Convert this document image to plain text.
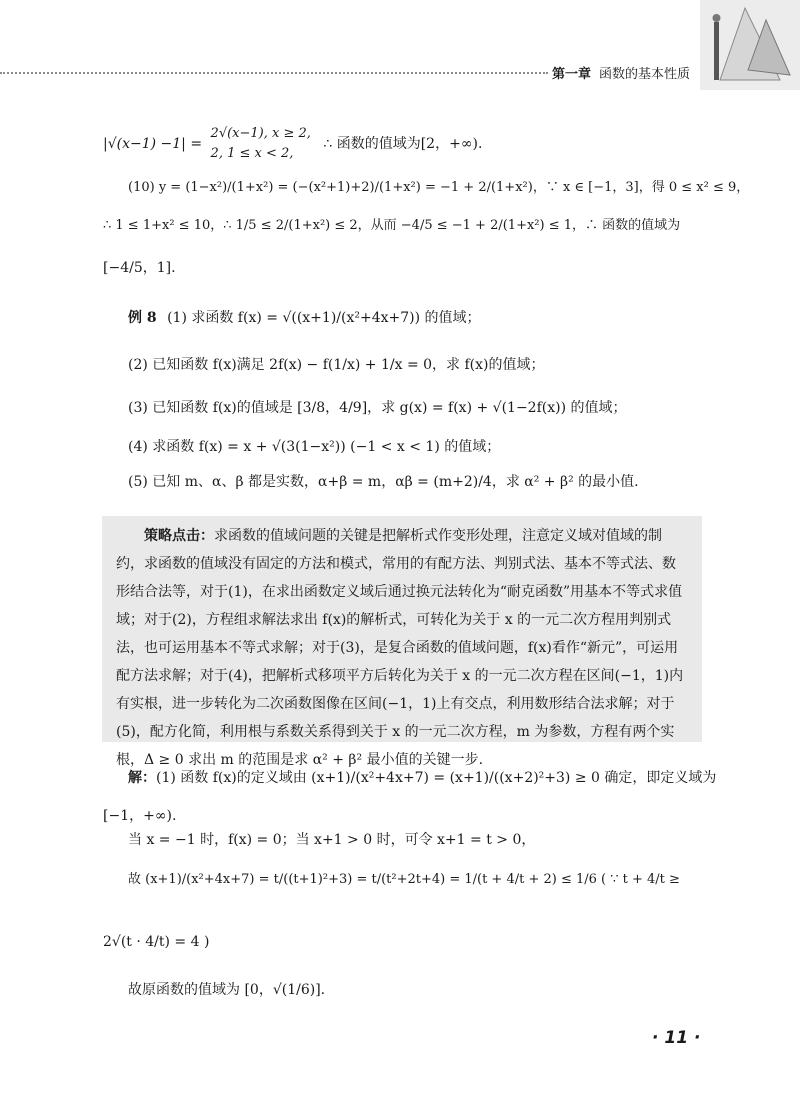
第一章 函数的基本性质
|√(x−1) −1| =
2√(x−1), x ≥ 2,
2, 1 ≤ x < 2,
∴ 函数的值域为[2，+∞).
(10) y = (1−x²)/(1+x²) = (−(x²+1)+2)/(1+x²) = −1 + 2/(1+x²)，∵ x ∈ [−1，3]，得 0 ≤ x² ≤ 9，
∴ 1 ≤ 1+x² ≤ 10，∴ 1/5 ≤ 2/(1+x²) ≤ 2，从而 −4/5 ≤ −1 + 2/(1+x²) ≤ 1，∴ 函数的值域为
[−4/5，1].
例 8 (1) 求函数 f(x) = √((x+1)/(x²+4x+7)) 的值域；
(2) 已知函数 f(x)满足 2f(x) − f(1/x) + 1/x = 0，求 f(x)的值域；
(3) 已知函数 f(x)的值域是 [3/8，4/9]，求 g(x) = f(x) + √(1−2f(x)) 的值域；
(4) 求函数 f(x) = x + √(3(1−x²)) (−1 < x < 1) 的值域；
(5) 已知 m、α、β 都是实数，α+β = m，αβ = (m+2)/4，求 α² + β² 的最小值.

策略点击：求函数的值域问题的关键是把解析式作变形处理，注意定义域对值域的制约，求函数的值域没有固定的方法和模式，常用的有配方法、判别式法、基本不等式法、数形结合法等，对于(1)，在求出函数定义域后通过换元法转化为“耐克函数”用基本不等式求值域；对于(2)，方程组求解法求出 f(x)的解析式，可转化为关于 x 的一元二次方程用判别式法，也可运用基本不等式求解；对于(3)，是复合函数的值域问题，f(x)看作“新元”，可运用配方法求解；对于(4)，把解析式移项平方后转化为关于 x 的一元二次方程在区间(−1，1)内有实根，进一步转化为二次函数图像在区间(−1，1)上有交点，利用数形结合法求解；对于(5)，配方化简，利用根与系数关系得到关于 x 的一元二次方程，m 为参数，方程有两个实根，Δ ≥ 0 求出 m 的范围是求 α² + β² 最小值的关键一步.

解：(1) 函数 f(x)的定义域由 (x+1)/(x²+4x+7) = (x+1)/((x+2)²+3) ≥ 0 确定，即定义域为
[−1，+∞).
当 x = −1 时，f(x) = 0；当 x+1 > 0 时，可令 x+1 = t > 0，
故 (x+1)/(x²+4x+7) = t/((t+1)²+3) = t/(t²+2t+4) = 1/(t + 4/t + 2) ≤ 1/6 ( ∵ t + 4/t ≥
2√(t · 4/t) = 4 )
故原函数的值域为 [0，√(1/6)].
· 11 ·
